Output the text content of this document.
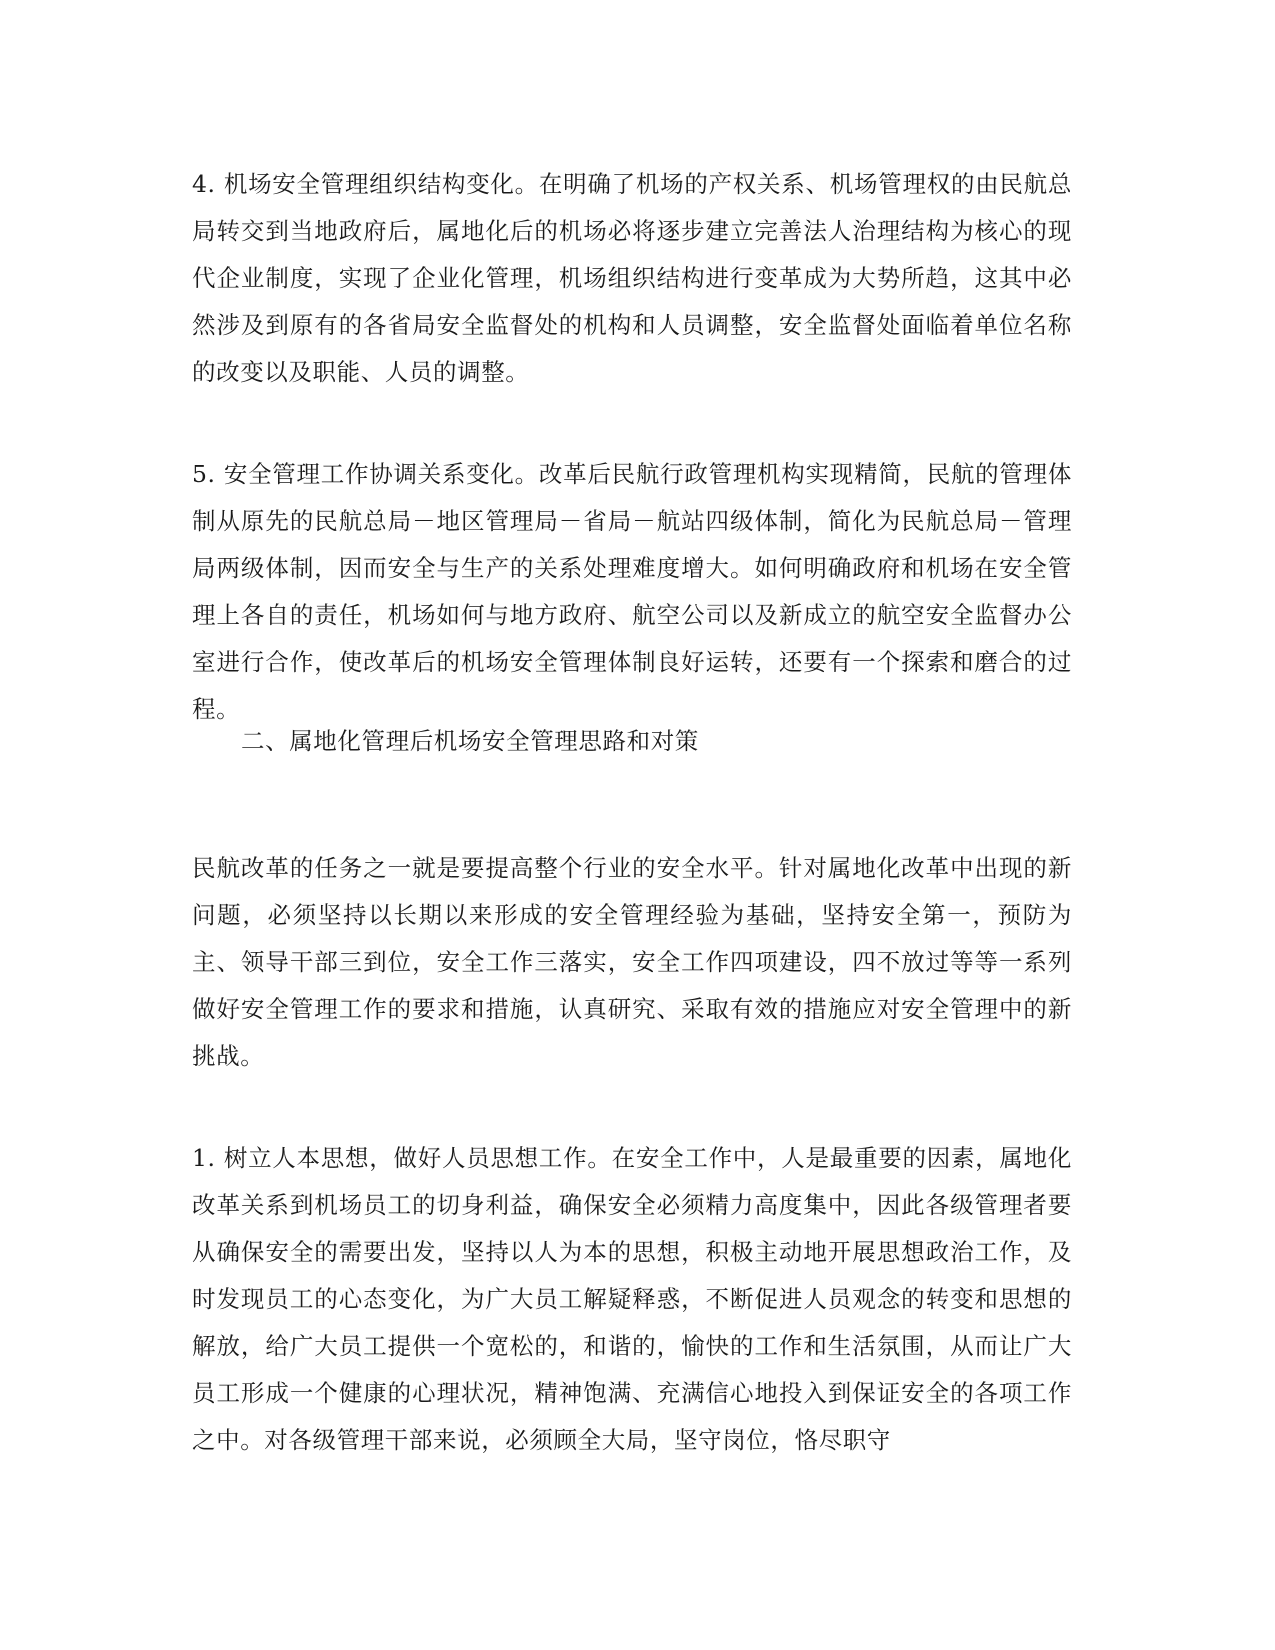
4. 机场安全管理组织结构变化。在明确了机场的产权关系、机场管理权的由民航总局转交到当地政府后，属地化后的机场必将逐步建立完善法人治理结构为核心的现代企业制度，实现了企业化管理，机场组织结构进行变革成为大势所趋，这其中必然涉及到原有的各省局安全监督处的机构和人员调整，安全监督处面临着单位名称的改变以及职能、人员的调整。

5. 安全管理工作协调关系变化。改革后民航行政管理机构实现精简，民航的管理体制从原先的民航总局－地区管理局－省局－航站四级体制，简化为民航总局－管理局两级体制，因而安全与生产的关系处理难度增大。如何明确政府和机场在安全管理上各自的责任，机场如何与地方政府、航空公司以及新成立的航空安全监督办公室进行合作，使改革后的机场安全管理体制良好运转，还要有一个探索和磨合的过程。

二、属地化管理后机场安全管理思路和对策

民航改革的任务之一就是要提高整个行业的安全水平。针对属地化改革中出现的新问题，必须坚持以长期以来形成的安全管理经验为基础，坚持安全第一，预防为主、领导干部三到位，安全工作三落实，安全工作四项建设，四不放过等等一系列做好安全管理工作的要求和措施，认真研究、采取有效的措施应对安全管理中的新挑战。

1. 树立人本思想，做好人员思想工作。在安全工作中，人是最重要的因素，属地化改革关系到机场员工的切身利益，确保安全必须精力高度集中，因此各级管理者要从确保安全的需要出发，坚持以人为本的思想，积极主动地开展思想政治工作，及时发现员工的心态变化，为广大员工解疑释惑，不断促进人员观念的转变和思想的解放，给广大员工提供一个宽松的，和谐的，愉快的工作和生活氛围，从而让广大员工形成一个健康的心理状况，精神饱满、充满信心地投入到保证安全的各项工作之中。对各级管理干部来说，必须顾全大局，坚守岗位，恪尽职守
